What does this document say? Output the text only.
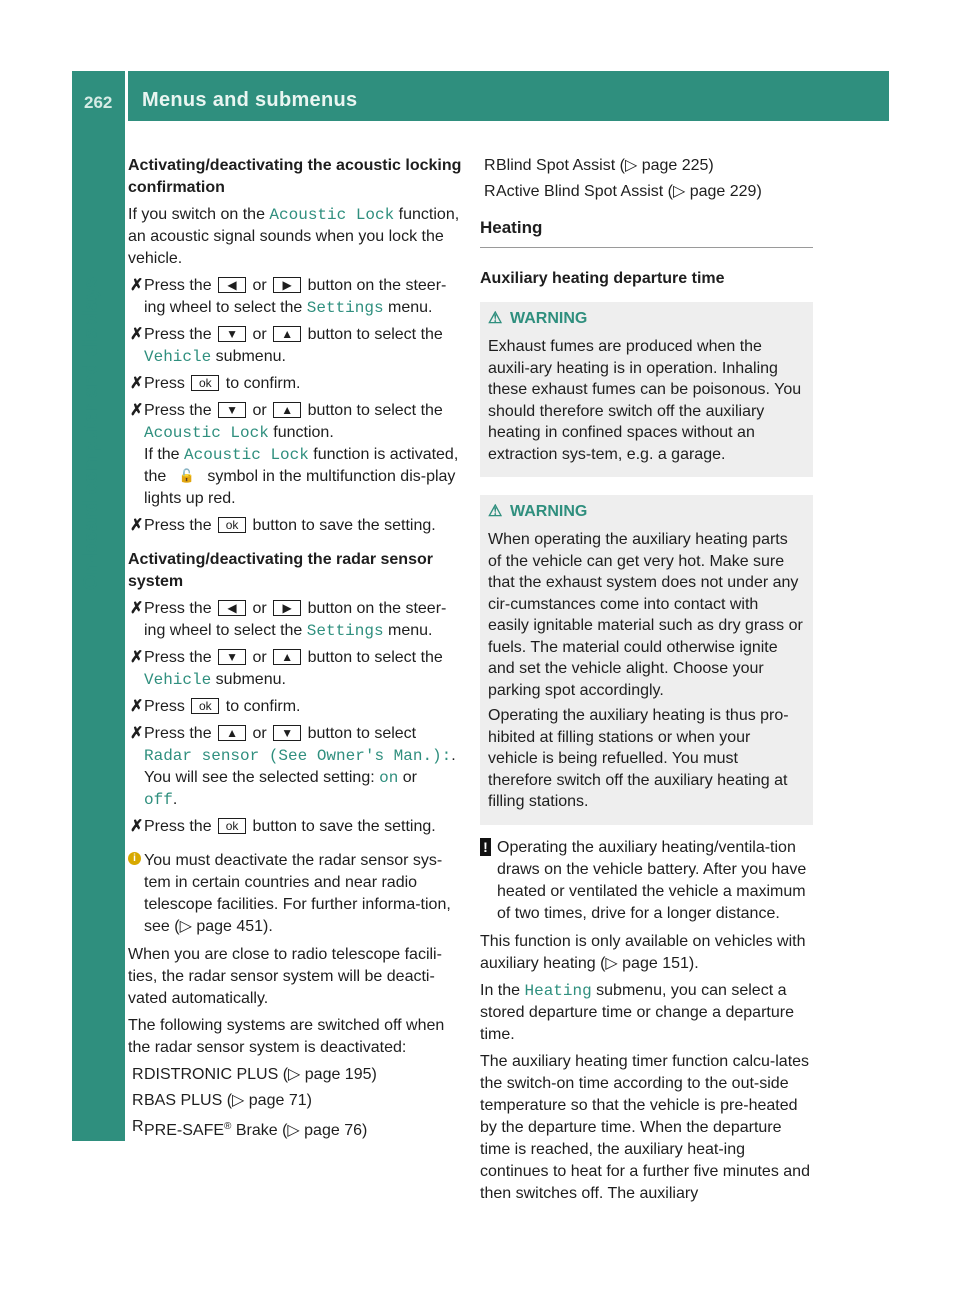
262 Menus and submenus
On-board computer and displays

Activating/deactivating the acoustic locking confirmation

If you switch on the Acoustic Lock function, an acoustic signal sounds when you lock the vehicle.

✗ Press the ◀ or ▶ button on the steer-ing wheel to select the Settings menu.
✗ Press the ▼ or ▲ button to select the Vehicle submenu.
✗ Press ok to confirm.
✗ Press the ▼ or ▲ button to select the Acoustic Lock function.
If the Acoustic Lock function is activated, the 🔓 symbol in the multifunction dis-play lights up red.
✗ Press the ok button to save the setting.

Activating/deactivating the radar sensor system

✗ Press the ◀ or ▶ button on the steer-ing wheel to select the Settings menu.
✗ Press the ▼ or ▲ button to select the Vehicle submenu.
✗ Press ok to confirm.
✗ Press the ▲ or ▼ button to select
Radar sensor (See Owner's Man.):.
You will see the selected setting: on or
off.
✗ Press the ok button to save the setting.
i You must deactivate the radar sensor sys-tem in certain countries and near radio telescope facilities. For further informa-tion, see (▷ page 451).

When you are close to radio telescope facili-ties, the radar sensor system will be deacti-vated automatically.

The following systems are switched off when the radar sensor system is deactivated:

R DISTRONIC PLUS (▷ page 195)
R BAS PLUS (▷ page 71)
R PRE-SAFE® Brake (▷ page 76)
R Blind Spot Assist (▷ page 225)
R Active Blind Spot Assist (▷ page 229)
Heating

Auxiliary heating departure time

⚠ WARNING

Exhaust fumes are produced when the auxili-ary heating is in operation. Inhaling these exhaust fumes can be poisonous. You should therefore switch off the auxiliary heating in confined spaces without an extraction sys-tem, e.g. a garage.

⚠ WARNING

When operating the auxiliary heating parts of the vehicle can get very hot. Make sure that the exhaust system does not under any cir-cumstances come into contact with easily ignitable material such as dry grass or fuels. The material could otherwise ignite and set the vehicle alight. Choose your parking spot accordingly.

Operating the auxiliary heating is thus pro-hibited at filling stations or when your vehicle is being refuelled. You must therefore switch off the auxiliary heating at filling stations.

! Operating the auxiliary heating/ventila-tion draws on the vehicle battery. After you have heated or ventilated the vehicle a maximum of two times, drive for a longer distance.

This function is only available on vehicles with auxiliary heating (▷ page 151).

In the Heating submenu, you can select a stored departure time or change a departure time.

The auxiliary heating timer function calcu-lates the switch-on time according to the out-side temperature so that the vehicle is pre-heated by the departure time. When the departure time is reached, the auxiliary heat-ing continues to heat for a further five minutes and then switches off. The auxiliary
